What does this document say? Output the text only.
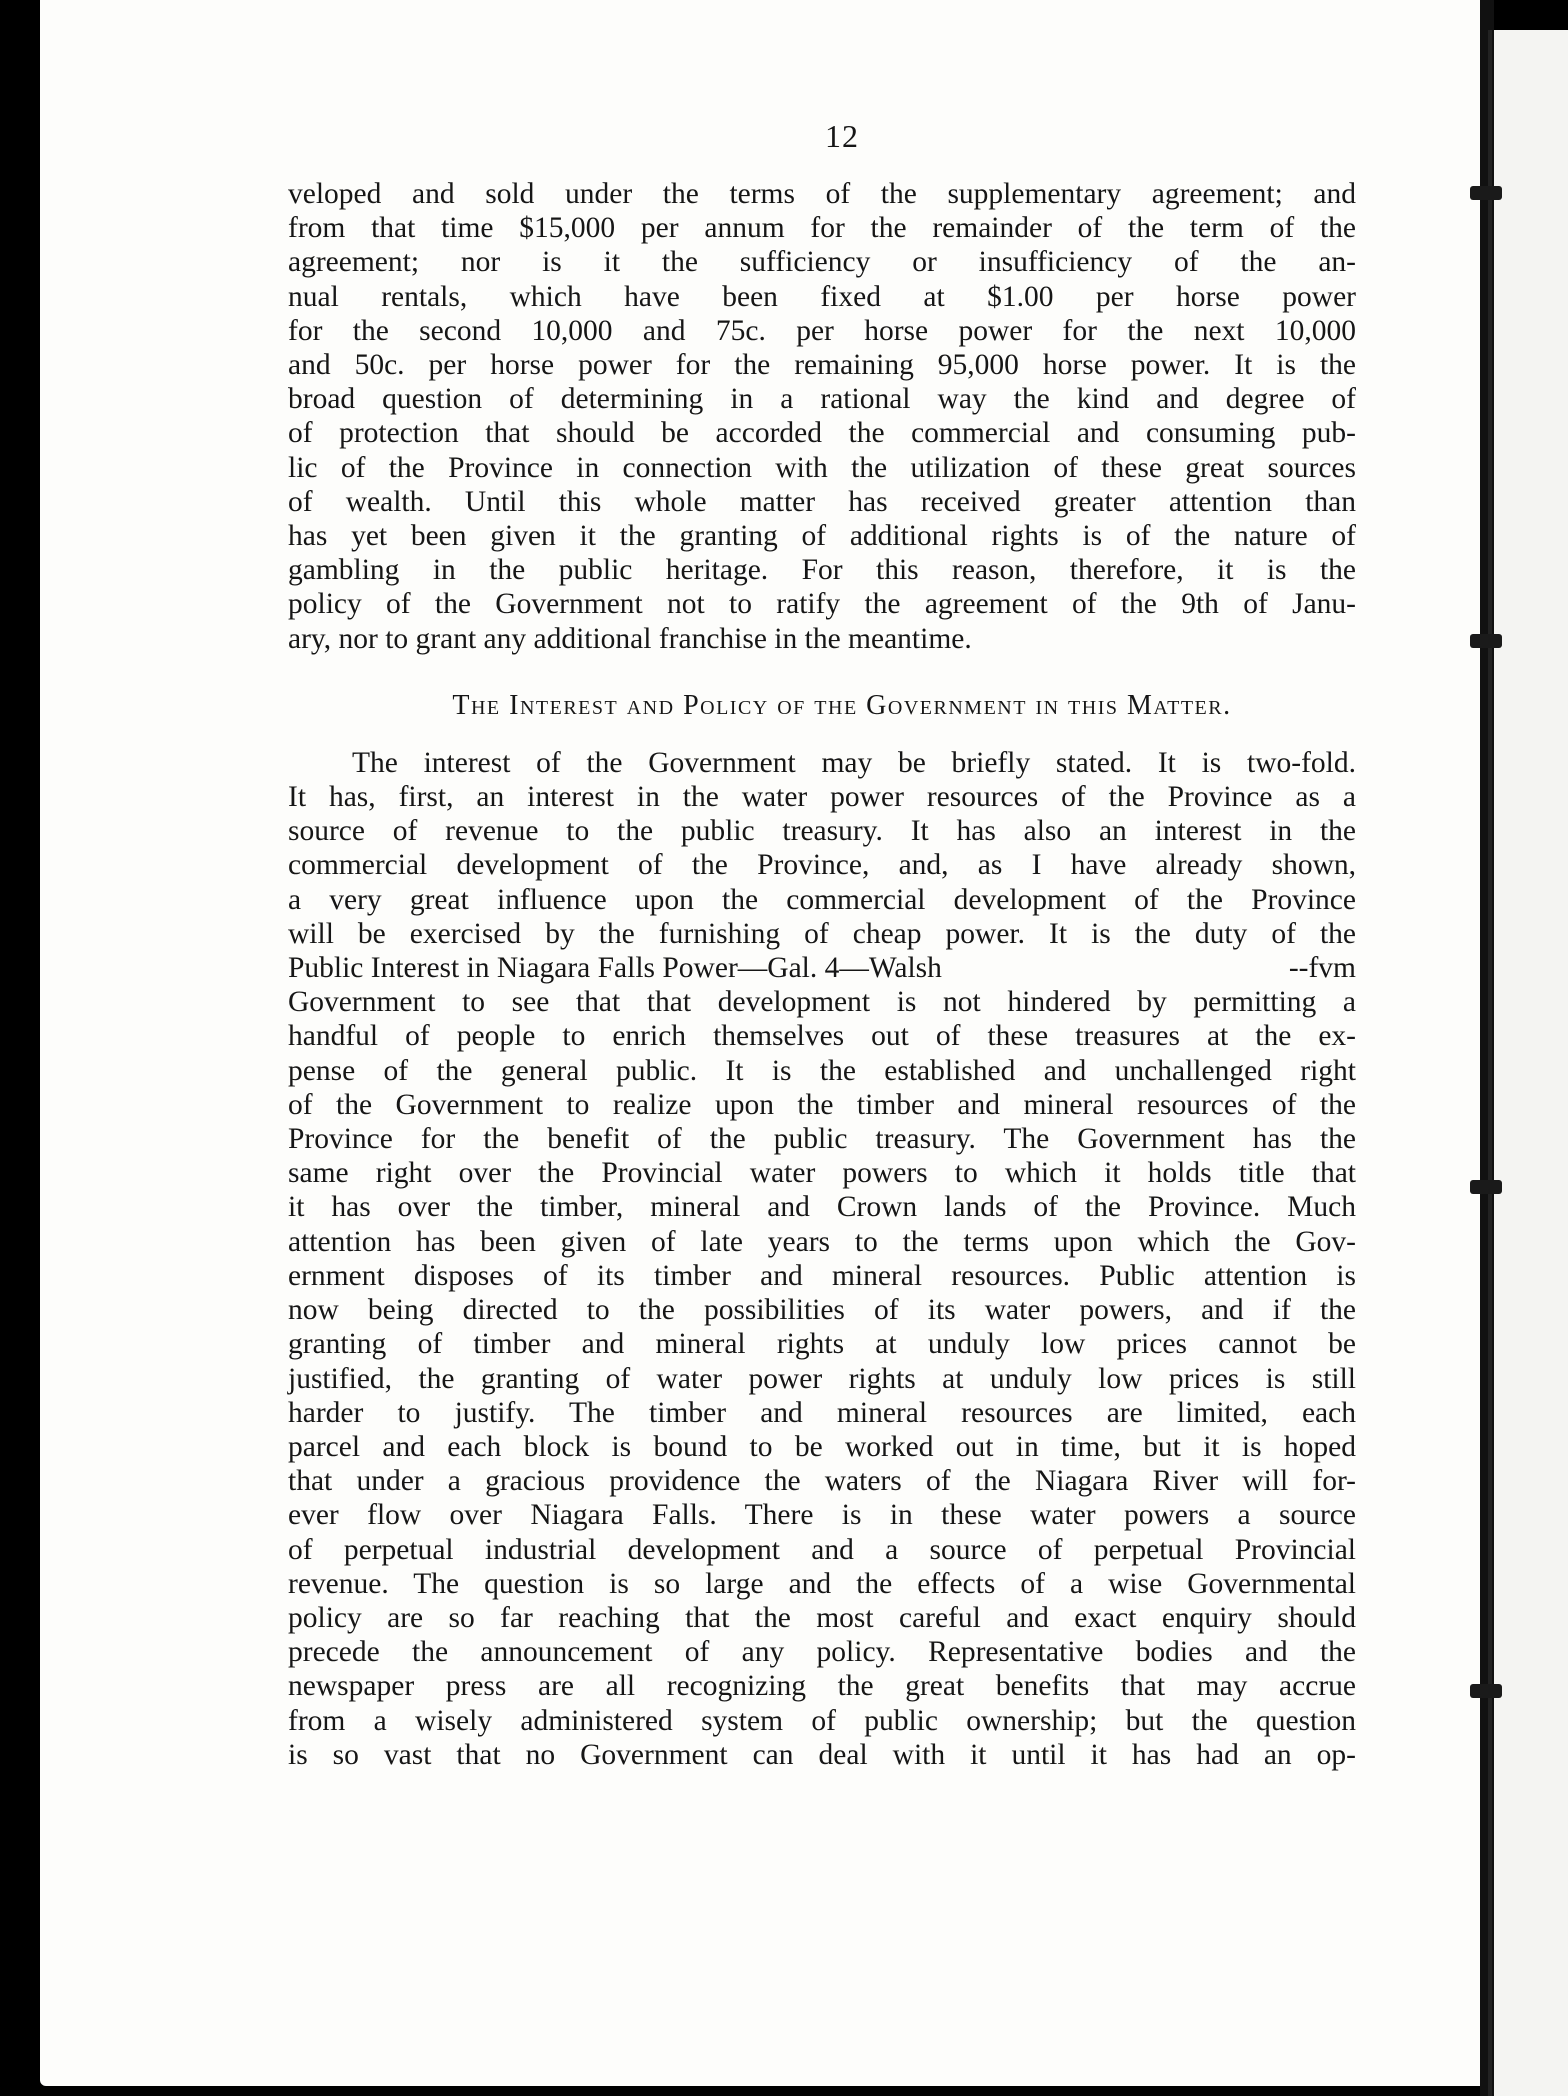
12
veloped and sold under the terms of the supplementary agreement; and
from that time $15,000 per annum for the remainder of the term of the
agreement; nor is it the sufficiency or insufficiency of the an-
nual rentals, which have been fixed at $1.00 per horse power
for the second 10,000 and 75c. per horse power for the next 10,000
and 50c. per horse power for the remaining 95,000 horse power. It is the
broad question of determining in a rational way the kind and degree of
of protection that should be accorded the commercial and consuming pub-
lic of the Province in connection with the utilization of these great sources
of wealth. Until this whole matter has received greater attention than
has yet been given it the granting of additional rights is of the nature of
gambling in the public heritage. For this reason, therefore, it is the
policy of the Government not to ratify the agreement of the 9th of Janu-
ary, nor to grant any additional franchise in the meantime.
The Interest and Policy of the Government in this Matter.
The interest of the Government may be briefly stated. It is two-fold.
It has, first, an interest in the water power resources of the Province as a
source of revenue to the public treasury. It has also an interest in the
commercial development of the Province, and, as I have already shown,
a very great influence upon the commercial development of the Province
will be exercised by the furnishing of cheap power. It is the duty of the
Public Interest in Niagara Falls Power—Gal. 4—Walsh	--fvm
Government to see that that development is not hindered by permitting a
handful of people to enrich themselves out of these treasures at the ex-
pense of the general public. It is the established and unchallenged right
of the Government to realize upon the timber and mineral resources of the
Province for the benefit of the public treasury. The Government has the
same right over the Provincial water powers to which it holds title that
it has over the timber, mineral and Crown lands of the Province. Much
attention has been given of late years to the terms upon which the Gov-
ernment disposes of its timber and mineral resources. Public attention is
now being directed to the possibilities of its water powers, and if the
granting of timber and mineral rights at unduly low prices cannot be
justified, the granting of water power rights at unduly low prices is still
harder to justify. The timber and mineral resources are limited, each
parcel and each block is bound to be worked out in time, but it is hoped
that under a gracious providence the waters of the Niagara River will for-
ever flow over Niagara Falls. There is in these water powers a source
of perpetual industrial development and a source of perpetual Provincial
revenue. The question is so large and the effects of a wise Governmental
policy are so far reaching that the most careful and exact enquiry should
precede the announcement of any policy. Representative bodies and the
newspaper press are all recognizing the great benefits that may accrue
from a wisely administered system of public ownership; but the question
is so vast that no Government can deal with it until it has had an op-
